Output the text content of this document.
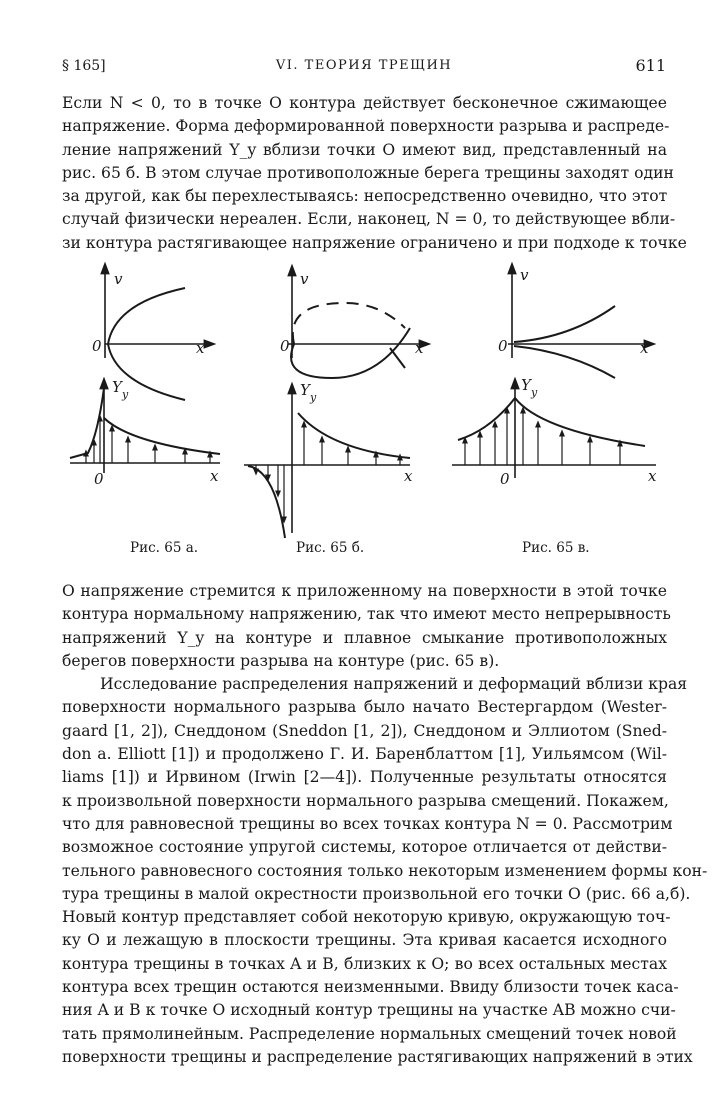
§ 165]	VI. ТЕОРИЯ ТРЕЩИН	611
Если N < 0, то в точке O контура действует бесконечное сжимающее
напряжение. Форма деформированной поверхности разрыва и распреде-
ление напряжений Y_y вблизи точки O имеют вид, представленный на
рис. 65 б. В этом случае противоположные берега трещины заходят один
за другой, как бы перехлестываясь: непосредственно очевидно, что этот
случай физически нереален. Если, наконец, N = 0, то действующее вбли-
зи контура растягивающее напряжение ограничено и при подходе к точке
v
x
0
v
x
0
v
x
0
Y y
x
0
Y y
x
Y y
x
0
Рис. 65 а.	Рис. 65 б.	Рис. 65 в.
O напряжение стремится к приложенному на поверхности в этой точке
контура нормальному напряжению, так что имеют место непрерывность
напряжений Y_y на контуре и плавное смыкание противоположных
берегов поверхности разрыва на контуре (рис. 65 в).
Исследование распределения напряжений и деформаций вблизи края
поверхности нормального разрыва было начато Вестергардом (Wester-
gaard [1, 2]), Снеддоном (Sneddon [1, 2]), Снеддоном и Эллиотом (Sned-
don a. Elliott [1]) и продолжено Г. И. Баренблаттом [1], Уильямсом (Wil-
liams [1]) и Ирвином (Irwin [2—4]). Полученные результаты относятся
к произвольной поверхности нормального разрыва смещений. Покажем,
что для равновесной трещины во всех точках контура N = 0. Рассмотрим
возможное состояние упругой системы, которое отличается от действи-
тельного равновесного состояния только некоторым изменением формы кон-
тура трещины в малой окрестности произвольной его точки O (рис. 66 а,б).
Новый контур представляет собой некоторую кривую, окружающую точ-
ку O и лежащую в плоскости трещины. Эта кривая касается исходного
контура трещины в точках A и B, близких к O; во всех остальных местах
контура всех трещин остаются неизменными. Ввиду близости точек каса-
ния A и B к точке O исходный контур трещины на участке AB можно счи-
тать прямолинейным. Распределение нормальных смещений точек новой
поверхности трещины и распределение растягивающих напряжений в этих
